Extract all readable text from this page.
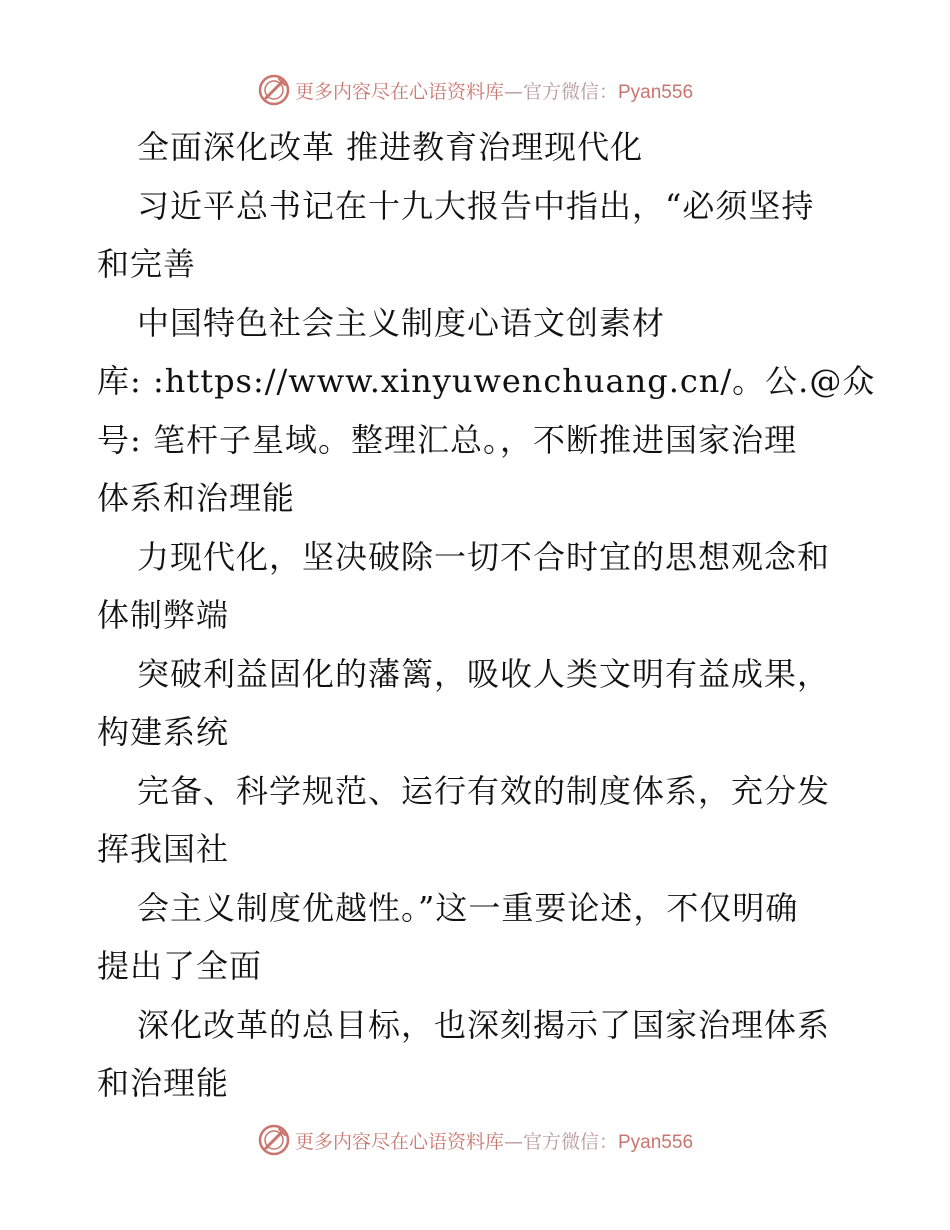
更多内容尽在心语资料库—官方微信：Pyan556
全面深化改革 推进教育治理现代化
习近平总书记在十九大报告中指出，“必须坚持
和完善
中国特色社会主义制度心语文创素材
库: :https://www.xinyuwenchuang.cn/。公.@众
号: 笔杆子星域。整理汇总。，不断推进国家治理
体系和治理能
力现代化，坚决破除一切不合时宜的思想观念和
体制弊端
突破利益固化的藩篱，吸收人类文明有益成果，
构建系统
完备、科学规范、运行有效的制度体系，充分发
挥我国社
会主义制度优越性。”这一重要论述，不仅明确
提出了全面
深化改革的总目标，也深刻揭示了国家治理体系
和治理能
更多内容尽在心语资料库—官方微信：Pyan556
